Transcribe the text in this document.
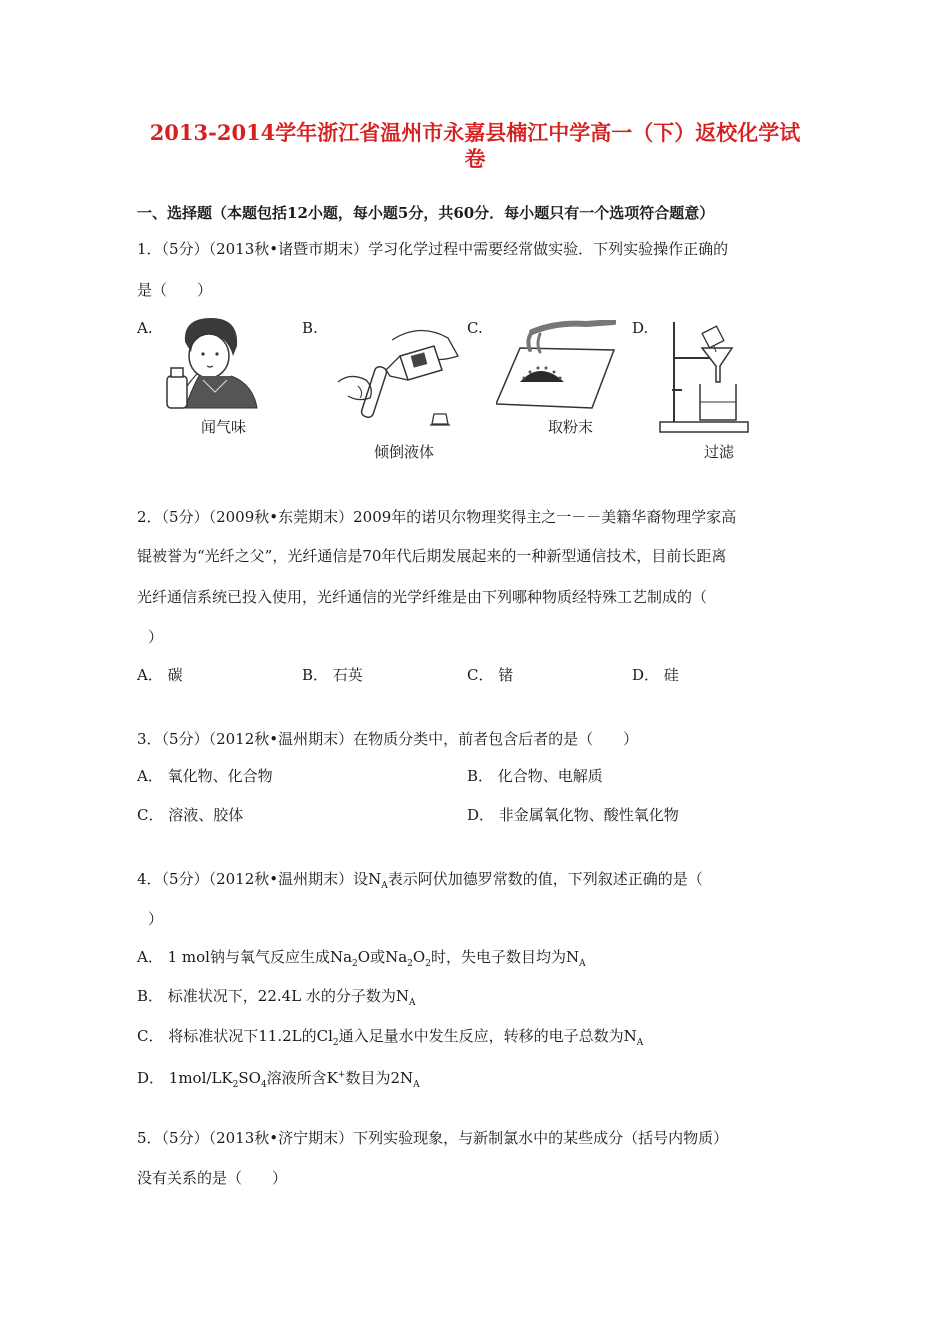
2013-2014学年浙江省温州市永嘉县楠江中学高一（下）返校化学试
卷
一、选择题（本题包括12小题，每小题5分，共60分．每小题只有一个选项符合题意）
1．（5分）（2013秋•诸暨市期末）学习化学过程中需要经常做实验．下列实验操作正确的
是（　　）
A.	B.	C.	D.
闻气味
倾倒液体
取粉末
过滤
2．（5分）（2009秋•东莞期末）2009年的诺贝尔物理奖得主之一－－美籍华裔物理学家高
锟被誉为“光纤之父”，光纤通信是70年代后期发展起来的一种新型通信技术，目前长距离
光纤通信系统已投入使用，光纤通信的光学纤维是由下列哪种物质经特殊工艺制成的（
）
A． 碳	B． 石英	C． 锗	D． 硅
3．（5分）（2012秋•温州期末）在物质分类中，前者包含后者的是（　　）
A． 氧化物、化合物	B． 化合物、电解质
C． 溶液、胶体	D． 非金属氧化物、酸性氧化物
4．（5分）（2012秋•温州期末）设$N_A$表示阿伏加德罗常数的值，下列叙述正确的是（
）
A． 1 mol钠与氧气反应生成$Na_2O$或$Na_2O_2$时，失电子数目均为$N_A$
B． 标准状况下，22.4L 水的分子数为$N_A$
C． 将标准状况下11.2L的$Cl_2$通入足量水中发生反应，转移的电子总数为$N_A$
D． $1mol/LK_2SO_4$溶液所含K+数目为$2N_A$
5．（5分）（2013秋•济宁期末）下列实验现象，与新制氯水中的某些成分（括号内物质）
没有关系的是（　　）
